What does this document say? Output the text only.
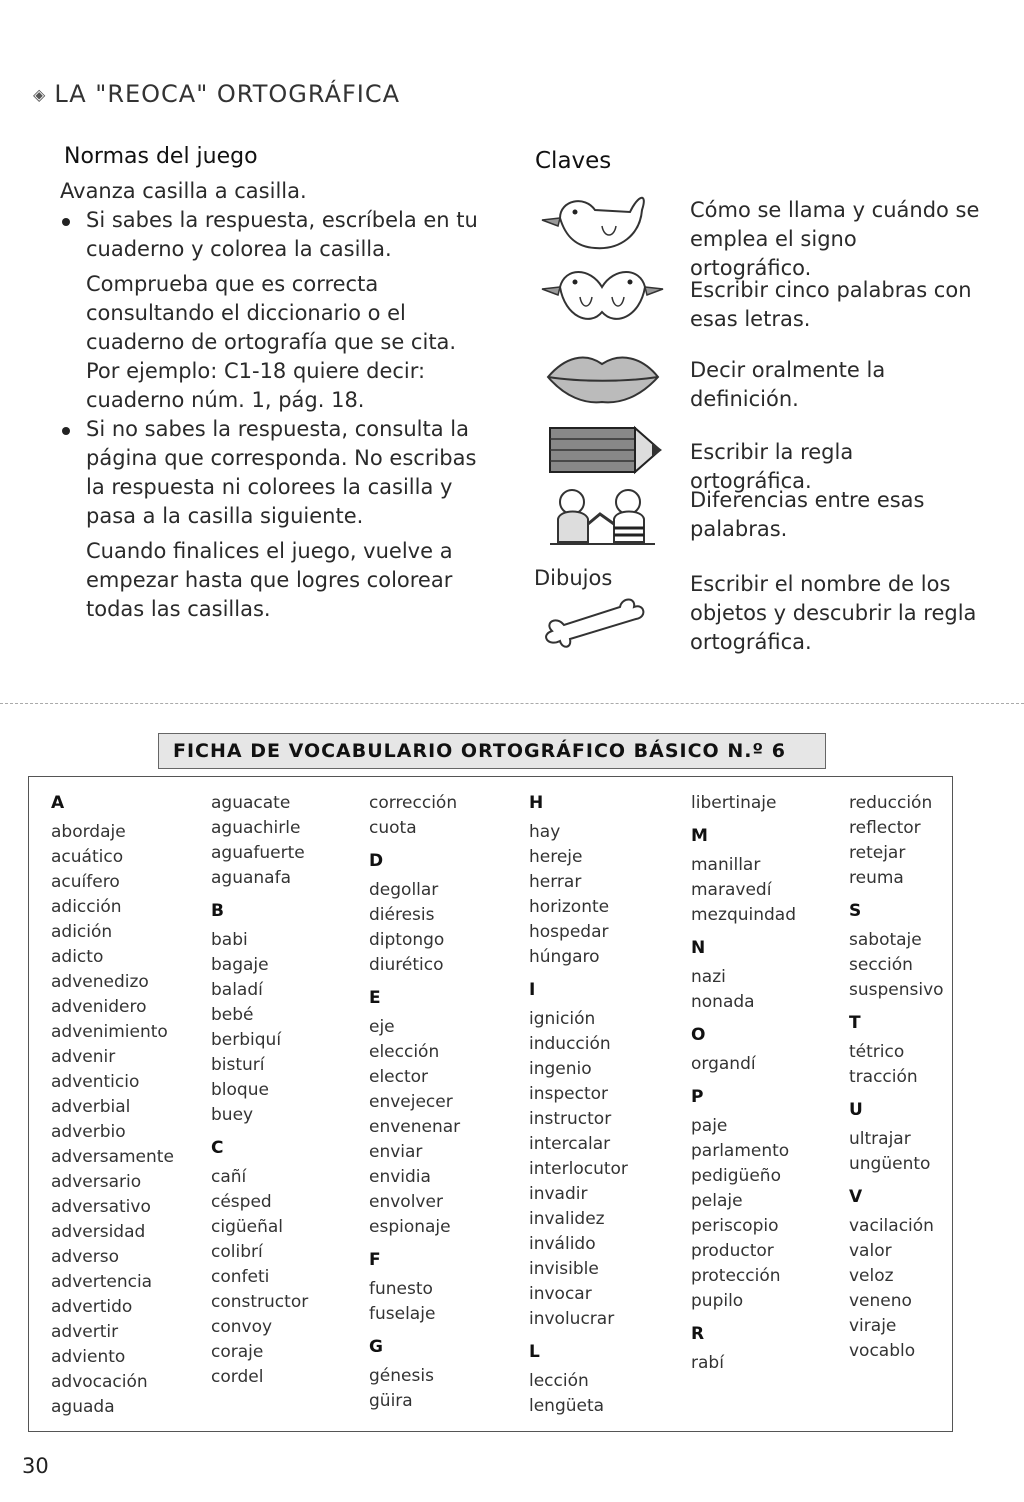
◈ LA "REOCA" ORTOGRÁFICA
Normas del juego

Avanza casilla a casilla.

Si sabes la respuesta, escríbela en tu cuaderno y colorea la casilla.

Comprueba que es correcta consultando el diccionario o el cuaderno de ortografía que se cita. Por ejemplo: C1-18 quiere decir: cuaderno núm. 1, pág. 18.

Si no sabes la respuesta, consulta la página que corresponda. No escribas la respuesta ni colorees la casilla y pasa a la casilla siguiente.

Cuando finalices el juego, vuelve a empezar hasta que logres colorear todas las casillas.

Claves
Cómo se llama y cuándo se emplea el signo ortográfico.
Escribir cinco palabras con esas letras.
Decir oralmente la definición.
Escribir la regla ortográfica.
Diferencias entre esas palabras.
Dibujos	Escribir el nombre de los objetos y descubrir la regla ortográfica.
FICHA DE VOCABULARIO ORTOGRÁFICO BÁSICO N.º 6
A
abordaje
acuático
acuífero
adicción
adición
adicto
advenedizo
advenidero
advenimiento
advenir
adventicio
adverbial
adverbio
adversamente
adversario
adversativo
adversidad
adverso
advertencia
advertido
advertir
adviento
advocación
aguada
aguacate
aguachirle
aguafuerte
aguanafa
B
babi
bagaje
baladí
bebé
berbiquí
bisturí
bloque
buey
C
cañí
césped
cigüeñal
colibrí
confeti
constructor
convoy
coraje
cordel
corrección
cuota
D
degollar
diéresis
diptongo
diurético
E
eje
elección
elector
envejecer
envenenar
enviar
envidia
envolver
espionaje
F
funesto
fuselaje
G
génesis
güira
H
hay
hereje
herrar
horizonte
hospedar
húngaro
I
ignición
inducción
ingenio
inspector
instructor
intercalar
interlocutor
invadir
invalidez
inválido
invisible
invocar
involucrar
L
lección
lengüeta
libertinaje
M
manillar
maravedí
mezquindad
N
nazi
nonada
O
organdí
P
paje
parlamento
pedigüeño
pelaje
periscopio
productor
protección
pupilo
R
rabí
reducción
reflector
retejar
reuma
S
sabotaje
sección
suspensivo
T
tétrico
tracción
U
ultrajar
ungüento
V
vacilación
valor
veloz
veneno
viraje
vocablo
30
